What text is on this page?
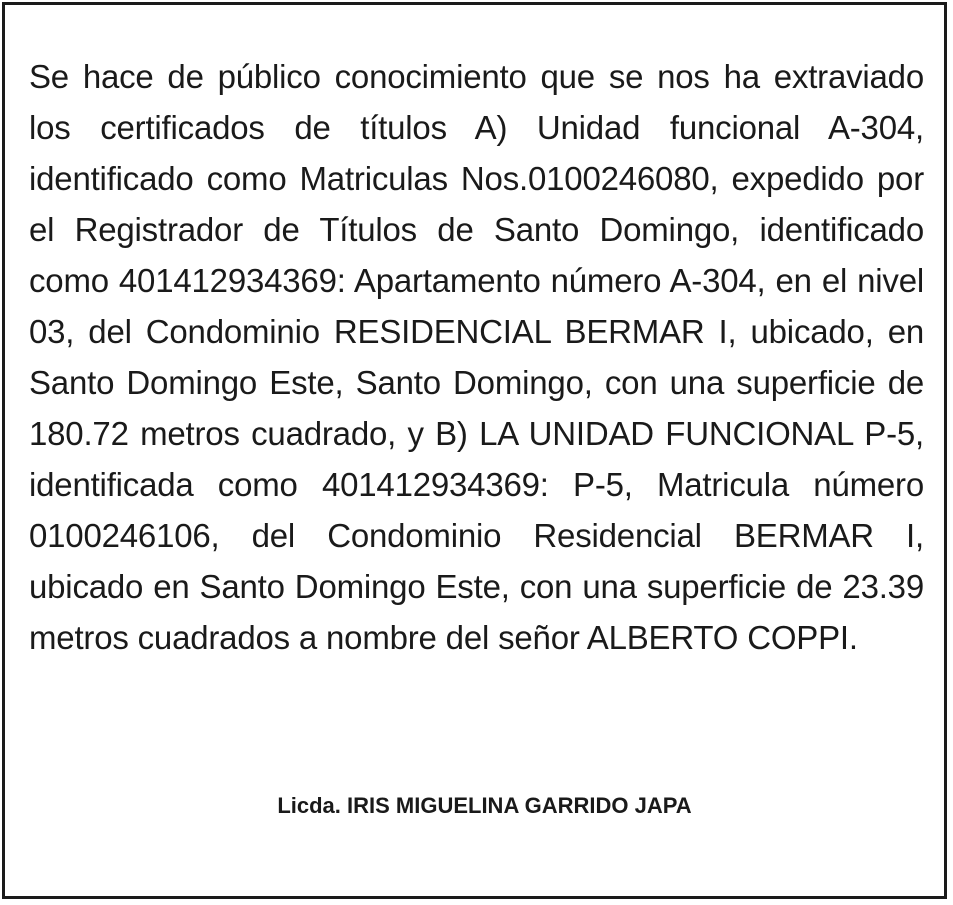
Se hace de público conocimiento que se nos ha extraviado los certificados de títulos A) Unidad funcional A-304, identificado como Matriculas Nos.0100246080, expedido por el Registrador de Títulos de Santo Domingo, identificado como 401412934369: Apartamento número A-304, en el nivel 03, del Condominio RESIDENCIAL BERMAR I, ubicado, en Santo Domingo Este, Santo Domingo, con una superficie de 180.72 metros cuadrado, y B) LA UNIDAD FUNCIONAL P-5, identificada como 401412934369: P-5, Matricula número 0100246106, del Condominio Residencial BERMAR I, ubicado en Santo Domingo Este, con una superficie de 23.39 metros cuadrados a nombre del señor ALBERTO COPPI.

Licda. IRIS MIGUELINA GARRIDO JAPA
